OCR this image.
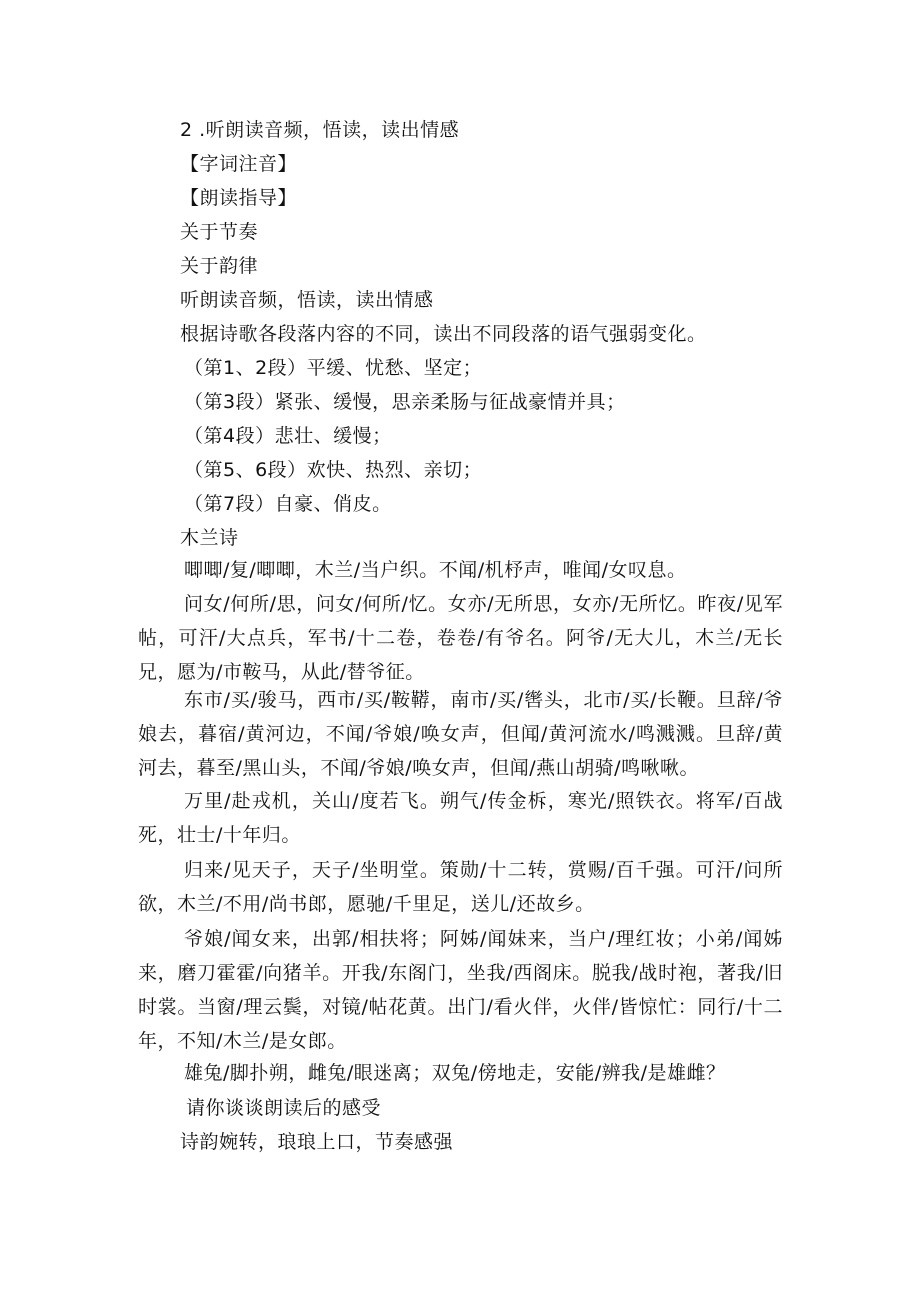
2 .听朗读音频，悟读，读出情感
【字词注音】
【朗读指导】
关于节奏
关于韵律
听朗读音频，悟读，读出情感
根据诗歌各段落内容的不同，读出不同段落的语气强弱变化。
（第1、2段）平缓、忧愁、坚定；
（第3段）紧张、缓慢，思亲柔肠与征战豪情并具；
（第4段）悲壮、缓慢；
（第5、6段）欢快、热烈、亲切；
（第7段）自豪、俏皮。
木兰诗
唧唧/复/唧唧，木兰/当户织。不闻/机杼声，唯闻/女叹息。
问女/何所/思，问女/何所/忆。女亦/无所思，女亦/无所忆。昨夜/见军帖，可汗/大点兵，军书/十二卷，卷卷/有爷名。阿爷/无大儿，木兰/无长兄，愿为/市鞍马，从此/替爷征。
东市/买/骏马，西市/买/鞍鞯，南市/买/辔头，北市/买/长鞭。旦辞/爷娘去，暮宿/黄河边，不闻/爷娘/唤女声，但闻/黄河流水/鸣溅溅。旦辞/黄河去，暮至/黑山头，不闻/爷娘/唤女声，但闻/燕山胡骑/鸣啾啾。
万里/赴戎机，关山/度若飞。朔气/传金柝，寒光/照铁衣。将军/百战死，壮士/十年归。
归来/见天子，天子/坐明堂。策勋/十二转，赏赐/百千强。可汗/问所欲，木兰/不用/尚书郎，愿驰/千里足，送儿/还故乡。
爷娘/闻女来，出郭/相扶将；阿姊/闻妹来，当户/理红妆；小弟/闻姊来，磨刀霍霍/向猪羊。开我/东阁门，坐我/西阁床。脱我/战时袍，著我/旧时裳。当窗/理云鬓，对镜/帖花黄。出门/看火伴，火伴/皆惊忙：同行/十二年，不知/木兰/是女郎。
雄兔/脚扑朔，雌兔/眼迷离；双兔/傍地走，安能/辨我/是雄雌？
请你谈谈朗读后的感受
诗韵婉转，琅琅上口，节奏感强
